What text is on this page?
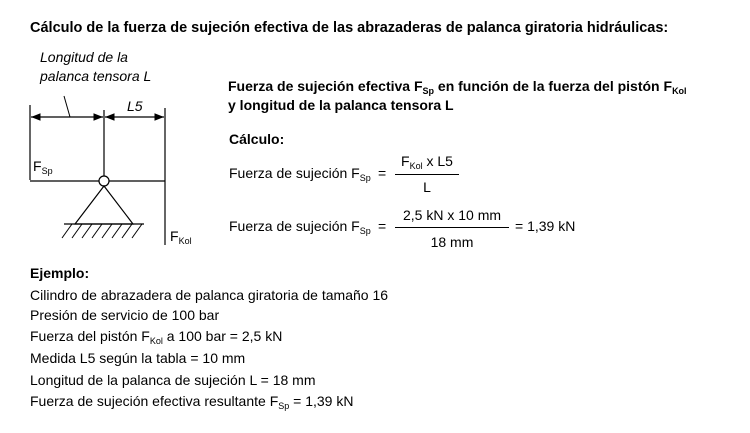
Cálculo de la fuerza de sujeción efectiva de las abrazaderas de palanca giratoria hidráulicas:
Longitud de la
palanca tensora L
L5
$F_{Sp}$
$F_{Kol}$
Fuerza de sujeción efectiva $F_{Sp}$ en función de la fuerza del pistón $F_{Kol}$
y longitud de la palanca tensora L
Cálculo:
Fuerza de sujeción $F_{Sp}$ =
$F_{Kol}$ x L5
L
Fuerza de sujeción $F_{Sp}$ =
2,5 kN x 10 mm
18 mm
= 1,39 kN
Ejemplo:
Cilindro de abrazadera de palanca giratoria de tamaño 16
Presión de servicio de 100 bar
Fuerza del pistón $F_{Kol}$ a 100 bar = 2,5 kN
Medida L5 según la tabla = 10 mm
Longitud de la palanca de sujeción L = 18 mm
Fuerza de sujeción efectiva resultante $F_{Sp} = 1,39$ kN
